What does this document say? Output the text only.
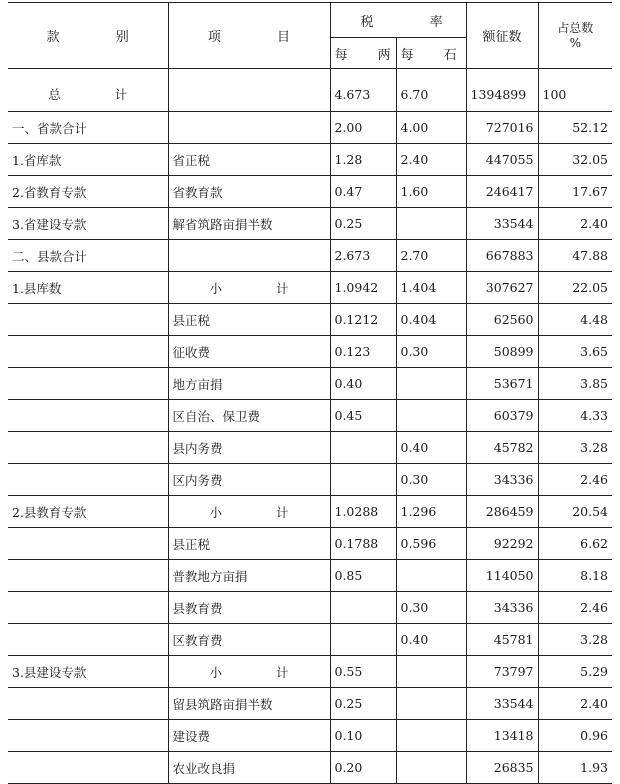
款 别	项 目	税 率		额征数	占总数
%

		每 两	每 石		

总 计		4.673	6.70	1394899	100
一、省款合计		2.00	4.00	727016	52.12
1.省库款	省正税	1.28	2.40	447055	32.05
2.省教育专款	省教育款	0.47	1.60	246417	17.67
3.省建设专款	解省筑路亩捐半数	0.25		33544	2.40
二、县款合计		2.673	2.70	667883	47.88
1.县库数	小 计	1.0942	1.404	307627	22.05
	县正税	0.1212	0.404	62560	4.48
	征收费	0.123	0.30	50899	3.65
	地方亩捐	0.40		53671	3.85
	区自治、保卫费	0.45		60379	4.33
	县内务费		0.40	45782	3.28
	区内务费		0.30	34336	2.46
2.县教育专款	小 计	1.0288	1.296	286459	20.54
	县正税	0.1788	0.596	92292	6.62
	普教地方亩捐	0.85		114050	8.18
	县教育费		0.30	34336	2.46
	区教育费		0.40	45781	3.28
3.县建设专款	小 计	0.55		73797	5.29
	留县筑路亩捐半数	0.25		33544	2.40
	建设费	0.10		13418	0.96
	农业改良捐	0.20		26835	1.93
